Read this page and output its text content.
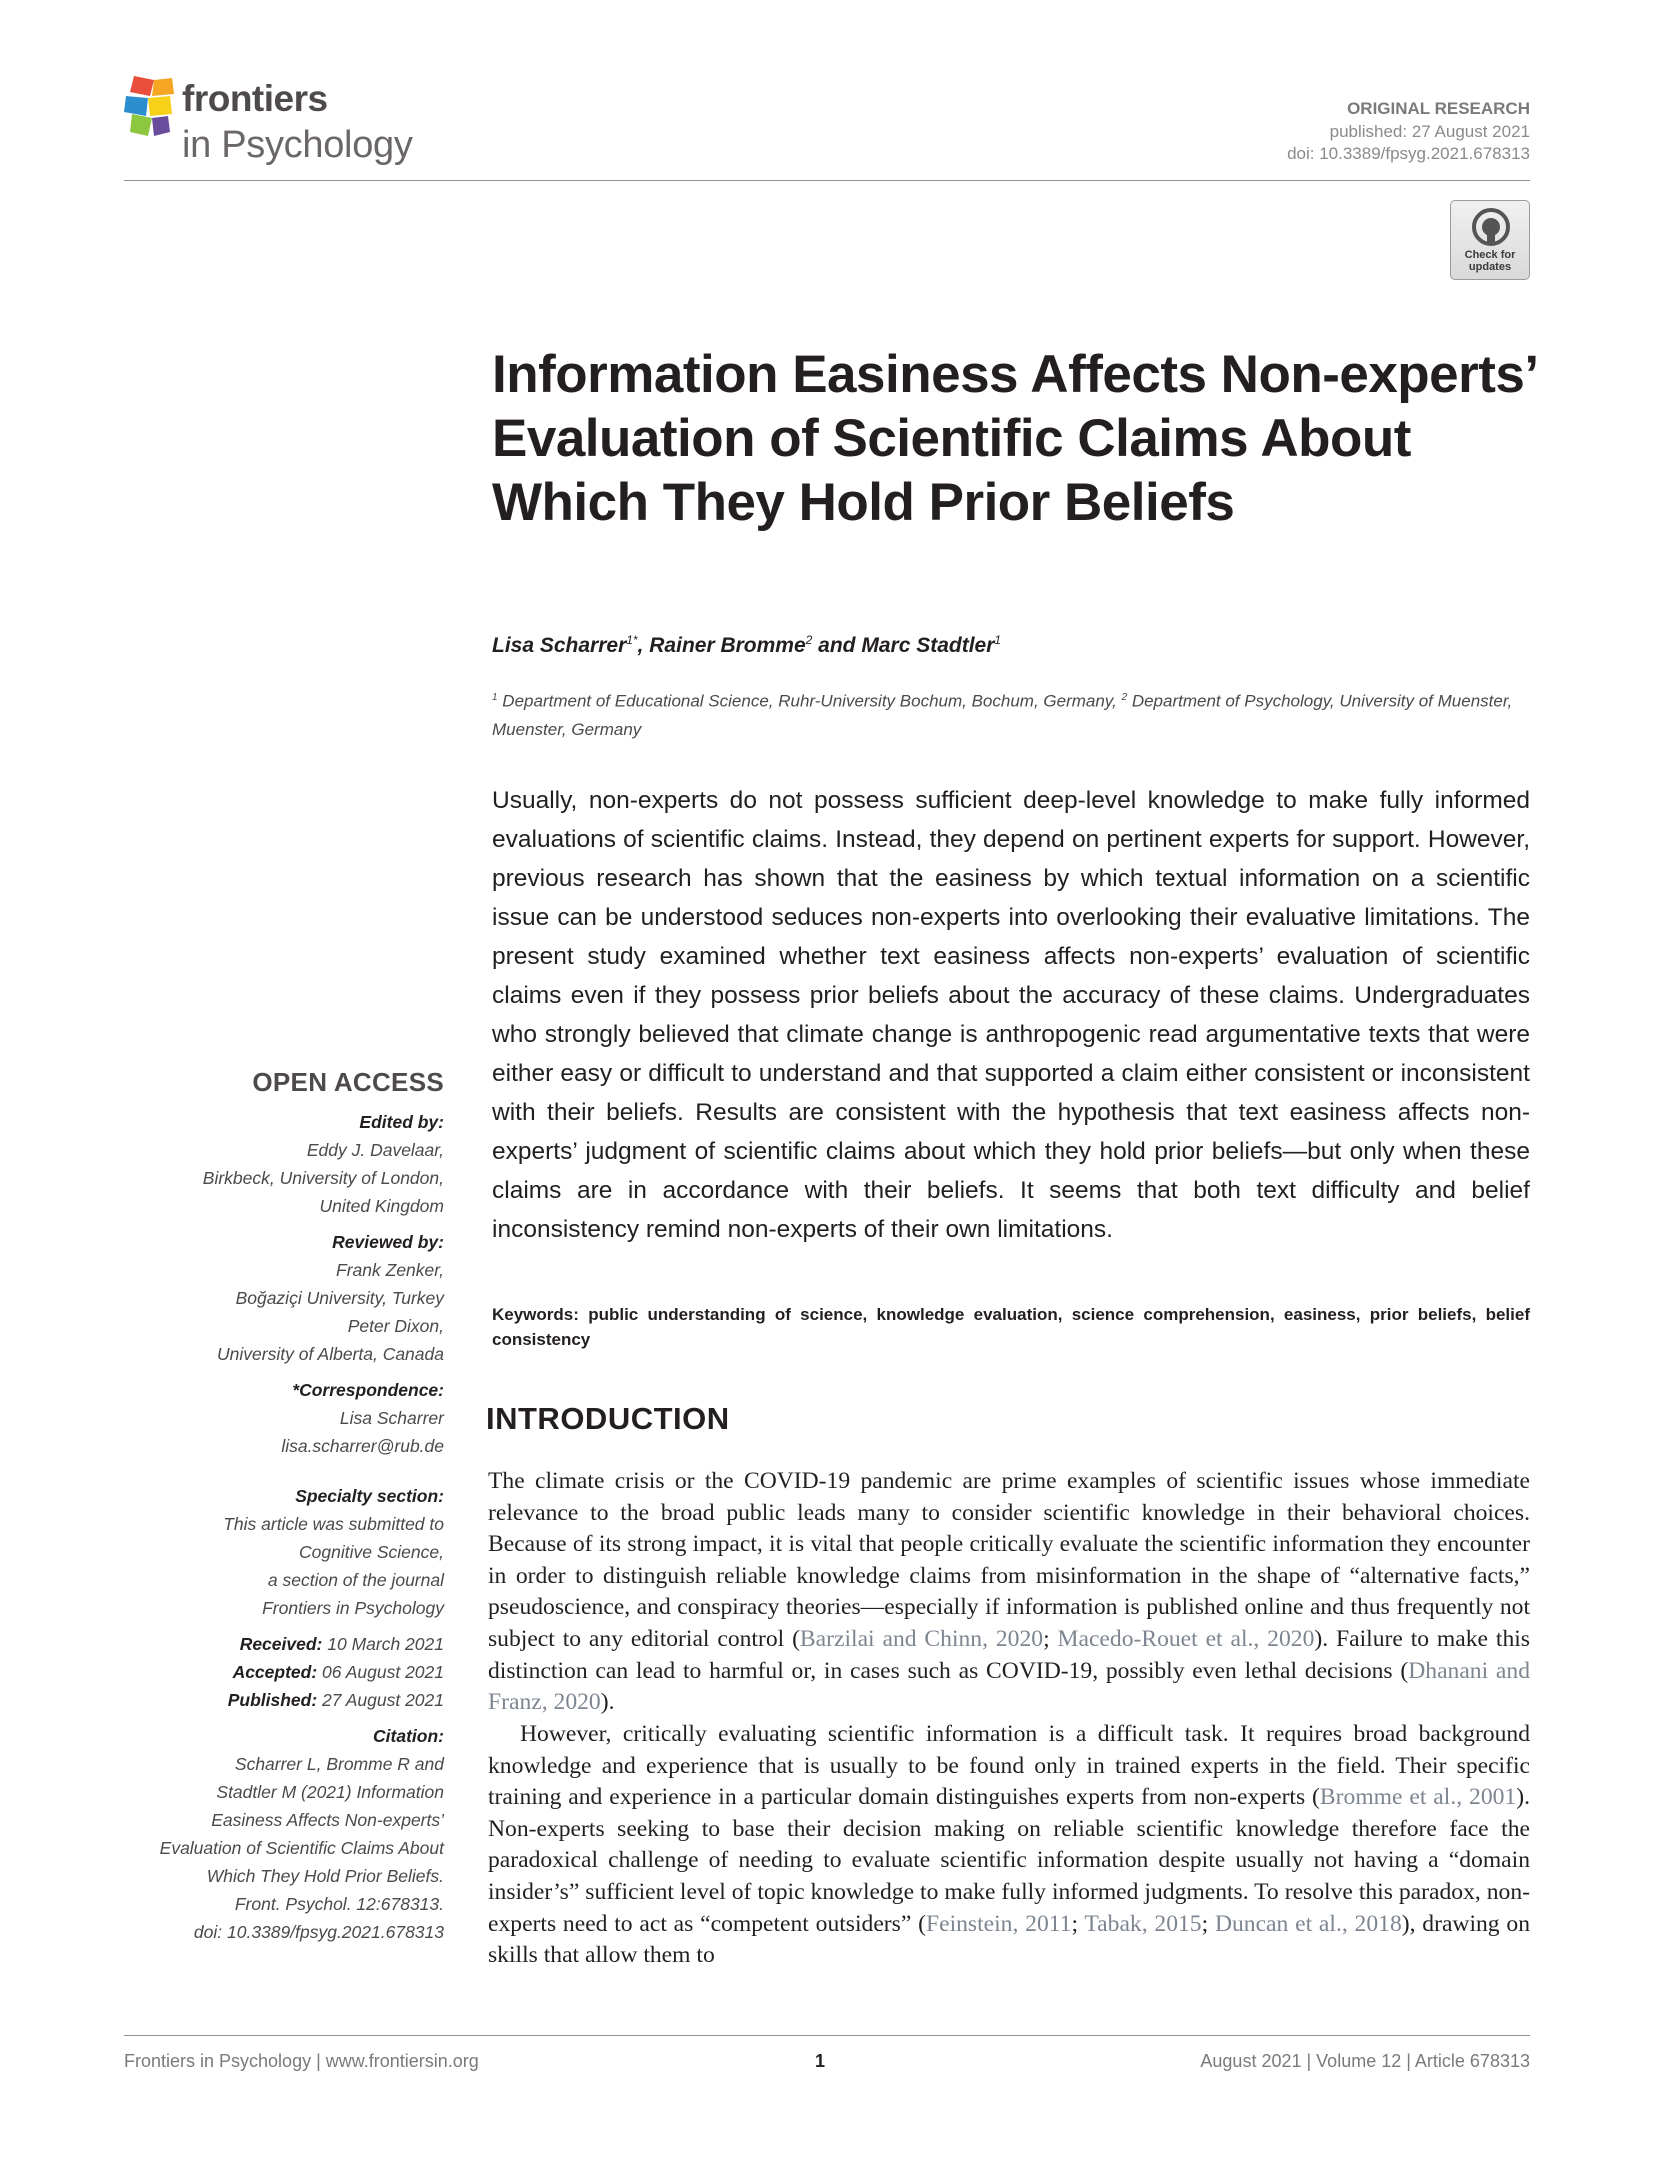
frontiers
in Psychology
ORIGINAL RESEARCH
published: 27 August 2021
doi: 10.3389/fpsyg.2021.678313
Check for updates
Information Easiness Affects Non-experts’ Evaluation of Scientific Claims About Which They Hold Prior Beliefs
Lisa Scharrer$^{1*}$, Rainer Bromme$^2$ and Marc Stadtler$^1$
$^1$ Department of Educational Science, Ruhr-University Bochum, Bochum, Germany, $^2$ Department of Psychology, University of Muenster, Muenster, Germany
Usually, non-experts do not possess sufficient deep-level knowledge to make fully informed evaluations of scientific claims. Instead, they depend on pertinent experts for support. However, previous research has shown that the easiness by which textual information on a scientific issue can be understood seduces non-experts into overlooking their evaluative limitations. The present study examined whether text easiness affects non-experts’ evaluation of scientific claims even if they possess prior beliefs about the accuracy of these claims. Undergraduates who strongly believed that climate change is anthropogenic read argumentative texts that were either easy or difficult to understand and that supported a claim either consistent or inconsistent with their beliefs. Results are consistent with the hypothesis that text easiness affects non-experts’ judgment of scientific claims about which they hold prior beliefs—but only when these claims are in accordance with their beliefs. It seems that both text difficulty and belief inconsistency remind non-experts of their own limitations.
Keywords: public understanding of science, knowledge evaluation, science comprehension, easiness, prior beliefs, belief consistency
OPEN ACCESS
Edited by:
Eddy J. Davelaar,
Birkbeck, University of London,
United Kingdom
Reviewed by:
Frank Zenker,
Boğaziçi University, Turkey
Peter Dixon,
University of Alberta, Canada
*Correspondence:
Lisa Scharrer
lisa.scharrer@rub.de
Specialty section:
This article was submitted to
Cognitive Science,
a section of the journal
Frontiers in Psychology
Received: 10 March 2021
Accepted: 06 August 2021
Published: 27 August 2021
Citation:
Scharrer L, Bromme R and
Stadtler M (2021) Information
Easiness Affects Non-experts’
Evaluation of Scientific Claims About
Which They Hold Prior Beliefs.
Front. Psychol. 12:678313.
doi: 10.3389/fpsyg.2021.678313
INTRODUCTION
The climate crisis or the COVID-19 pandemic are prime examples of scientific issues whose immediate relevance to the broad public leads many to consider scientific knowledge in their behavioral choices. Because of its strong impact, it is vital that people critically evaluate the scientific information they encounter in order to distinguish reliable knowledge claims from misinformation in the shape of “alternative facts,” pseudoscience, and conspiracy theories—especially if information is published online and thus frequently not subject to any editorial control (Barzilai and Chinn, 2020; Macedo-Rouet et al., 2020). Failure to make this distinction can lead to harmful or, in cases such as COVID-19, possibly even lethal decisions (Dhanani and Franz, 2020).
However, critically evaluating scientific information is a difficult task. It requires broad background knowledge and experience that is usually to be found only in trained experts in the field. Their specific training and experience in a particular domain distinguishes experts from non-experts (Bromme et al., 2001). Non-experts seeking to base their decision making on reliable scientific knowledge therefore face the paradoxical challenge of needing to evaluate scientific information despite usually not having a “domain insider’s” sufficient level of topic knowledge to make fully informed judgments. To resolve this paradox, non-experts need to act as “competent outsiders” (Feinstein, 2011; Tabak, 2015; Duncan et al., 2018), drawing on skills that allow them to
Frontiers in Psychology | www.frontiersin.org	1	August 2021 | Volume 12 | Article 678313
